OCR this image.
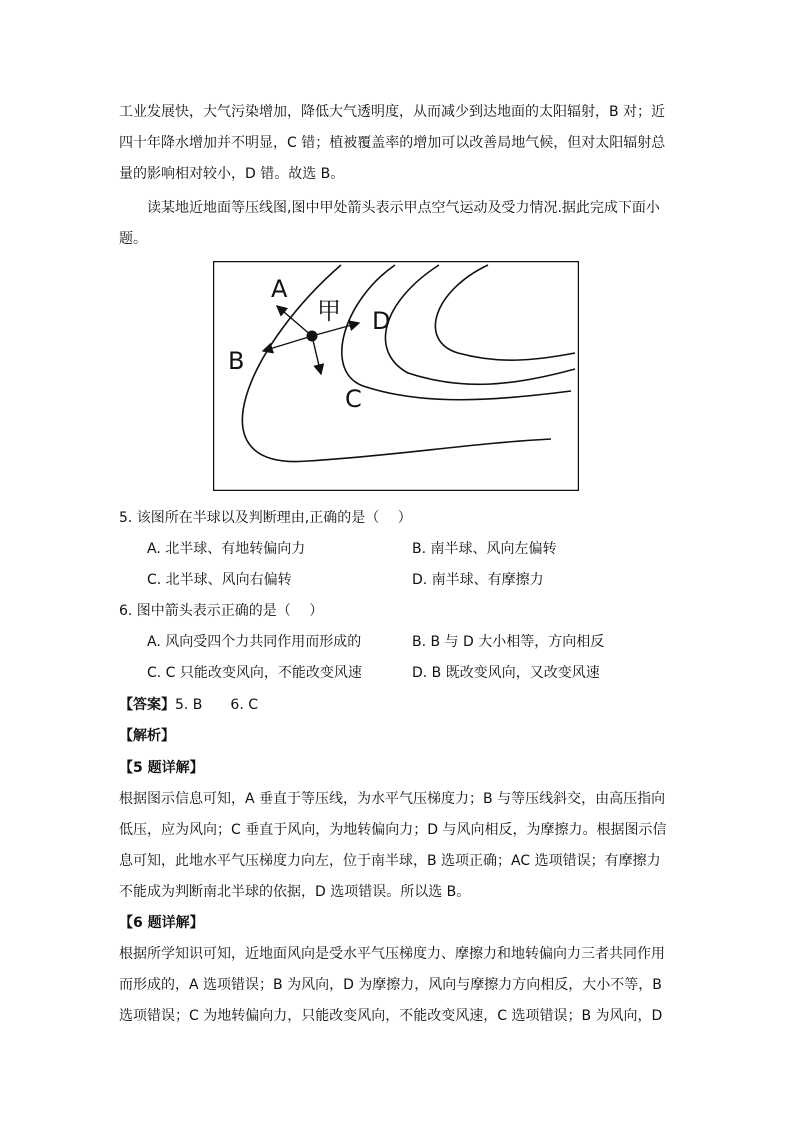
工业发展快，大气污染增加，降低大气透明度，从而减少到达地面的太阳辐射，B 对；近
四十年降水增加并不明显，C 错；植被覆盖率的增加可以改善局地气候，但对太阳辐射总
量的影响相对较小，D 错。故选 B。
读某地近地面等压线图,图中甲处箭头表示甲点空气运动及受力情况.据此完成下面小
题。
A
B
C
D
甲
5. 该图所在半球以及判断理由,正确的是（　 ）
A. 北半球、有地转偏向力	B. 南半球、风向左偏转
C. 北半球、风向右偏转	D. 南半球、有摩擦力
6. 图中箭头表示正确的是（　 ）
A. 风向受四个力共同作用而形成的	B. B 与 D 大小相等，方向相反
C. C 只能改变风向，不能改变风速	D. B 既改变风向，又改变风速
【答案】5. B　　6. C
【解析】
【5 题详解】
根据图示信息可知，A 垂直于等压线，为水平气压梯度力；B 与等压线斜交，由高压指向
低压，应为风向；C 垂直于风向，为地转偏向力；D 与风向相反，为摩擦力。根据图示信
息可知，此地水平气压梯度力向左，位于南半球，B 选项正确；AC 选项错误；有摩擦力
不能成为判断南北半球的依据，D 选项错误。所以选 B。
【6 题详解】
根据所学知识可知，近地面风向是受水平气压梯度力、摩擦力和地转偏向力三者共同作用
而形成的，A 选项错误；B 为风向，D 为摩擦力，风向与摩擦力方向相反，大小不等，B
选项错误；C 为地转偏向力，只能改变风向，不能改变风速，C 选项错误；B 为风向，D
